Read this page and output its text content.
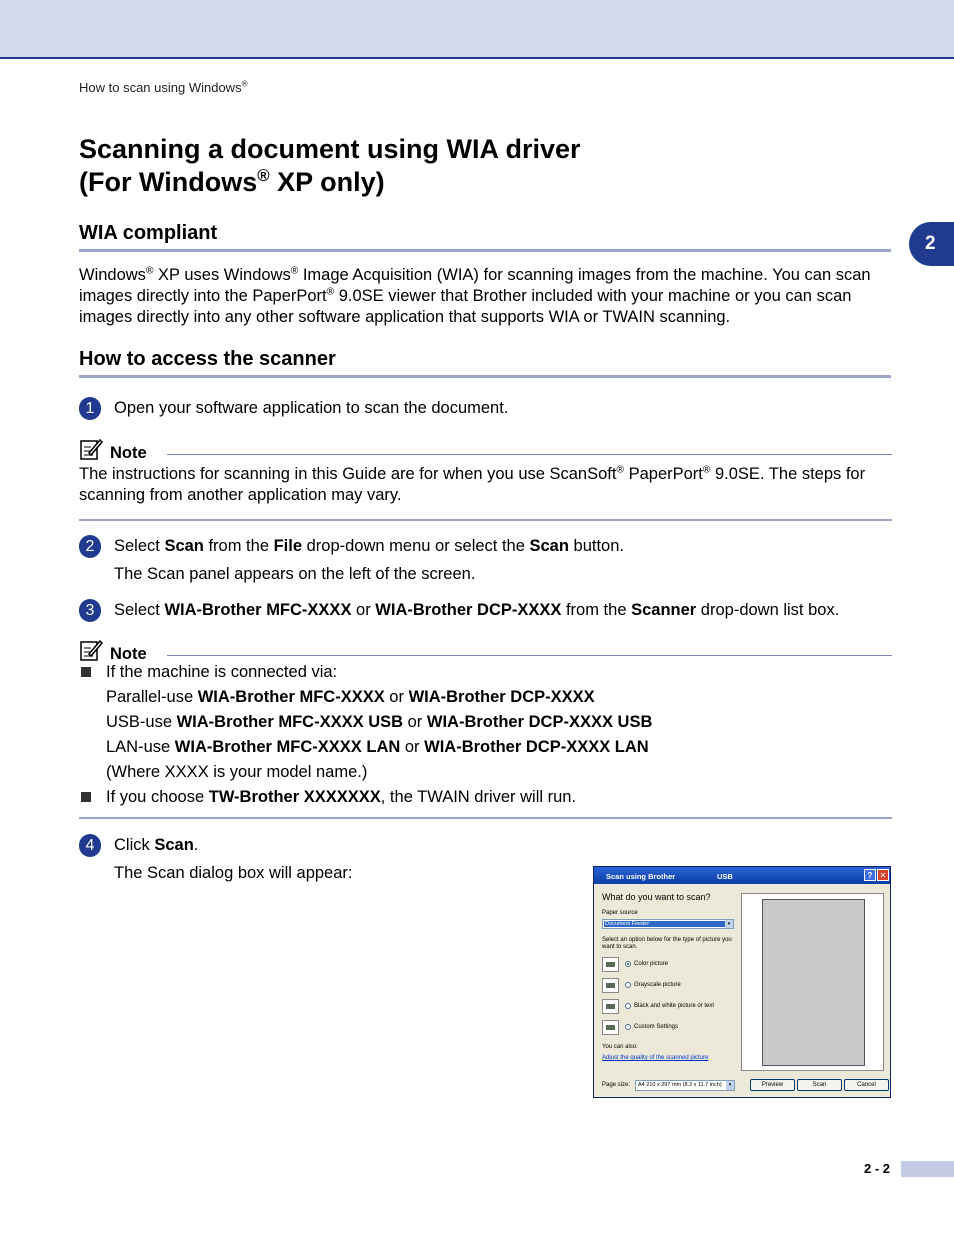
How to scan using Windows®
Scanning a document using WIA driver
(For Windows® XP only)
2
WIA compliant
Windows® XP uses Windows® Image Acquisition (WIA) for scanning images from the machine. You can scan images directly into the PaperPort® 9.0SE viewer that Brother included with your machine or you can scan images directly into any other software application that supports WIA or TWAIN scanning.
How to access the scanner
1	Open your software application to scan the document.
Note
The instructions for scanning in this Guide are for when you use ScanSoft® PaperPort® 9.0SE. The steps for scanning from another application may vary.
2	Select Scan from the File drop-down menu or select the Scan button.
The Scan panel appears on the left of the screen.
3	Select WIA-Brother MFC-XXXX or WIA-Brother DCP-XXXX from the Scanner drop-down list box.
Note
If the machine is connected via:
Parallel-use WIA-Brother MFC-XXXX or WIA-Brother DCP-XXXX
USB-use WIA-Brother MFC-XXXX USB or WIA-Brother DCP-XXXX USB
LAN-use WIA-Brother MFC-XXXX LAN or WIA-Brother DCP-XXXX LAN
(Where XXXX is your model name.)
If you choose TW-Brother XXXXXXX, the TWAIN driver will run.
4	Click Scan.
The Scan dialog box will appear:	Scan using Brother	USB	? ✕
What do you want to scan?
Paper source
Document Feeder	▾
Select an option below for the type of picture you
want to scan.
Color picture
Grayscale picture
Black and white picture or text
Custom Settings
You can also:
Adjust the quality of the scanned picture
Page size:	A4 210 x 297 mm (8.3 x 11.7 inch)	▾	Preview	Scan	Cancel
2 - 2
